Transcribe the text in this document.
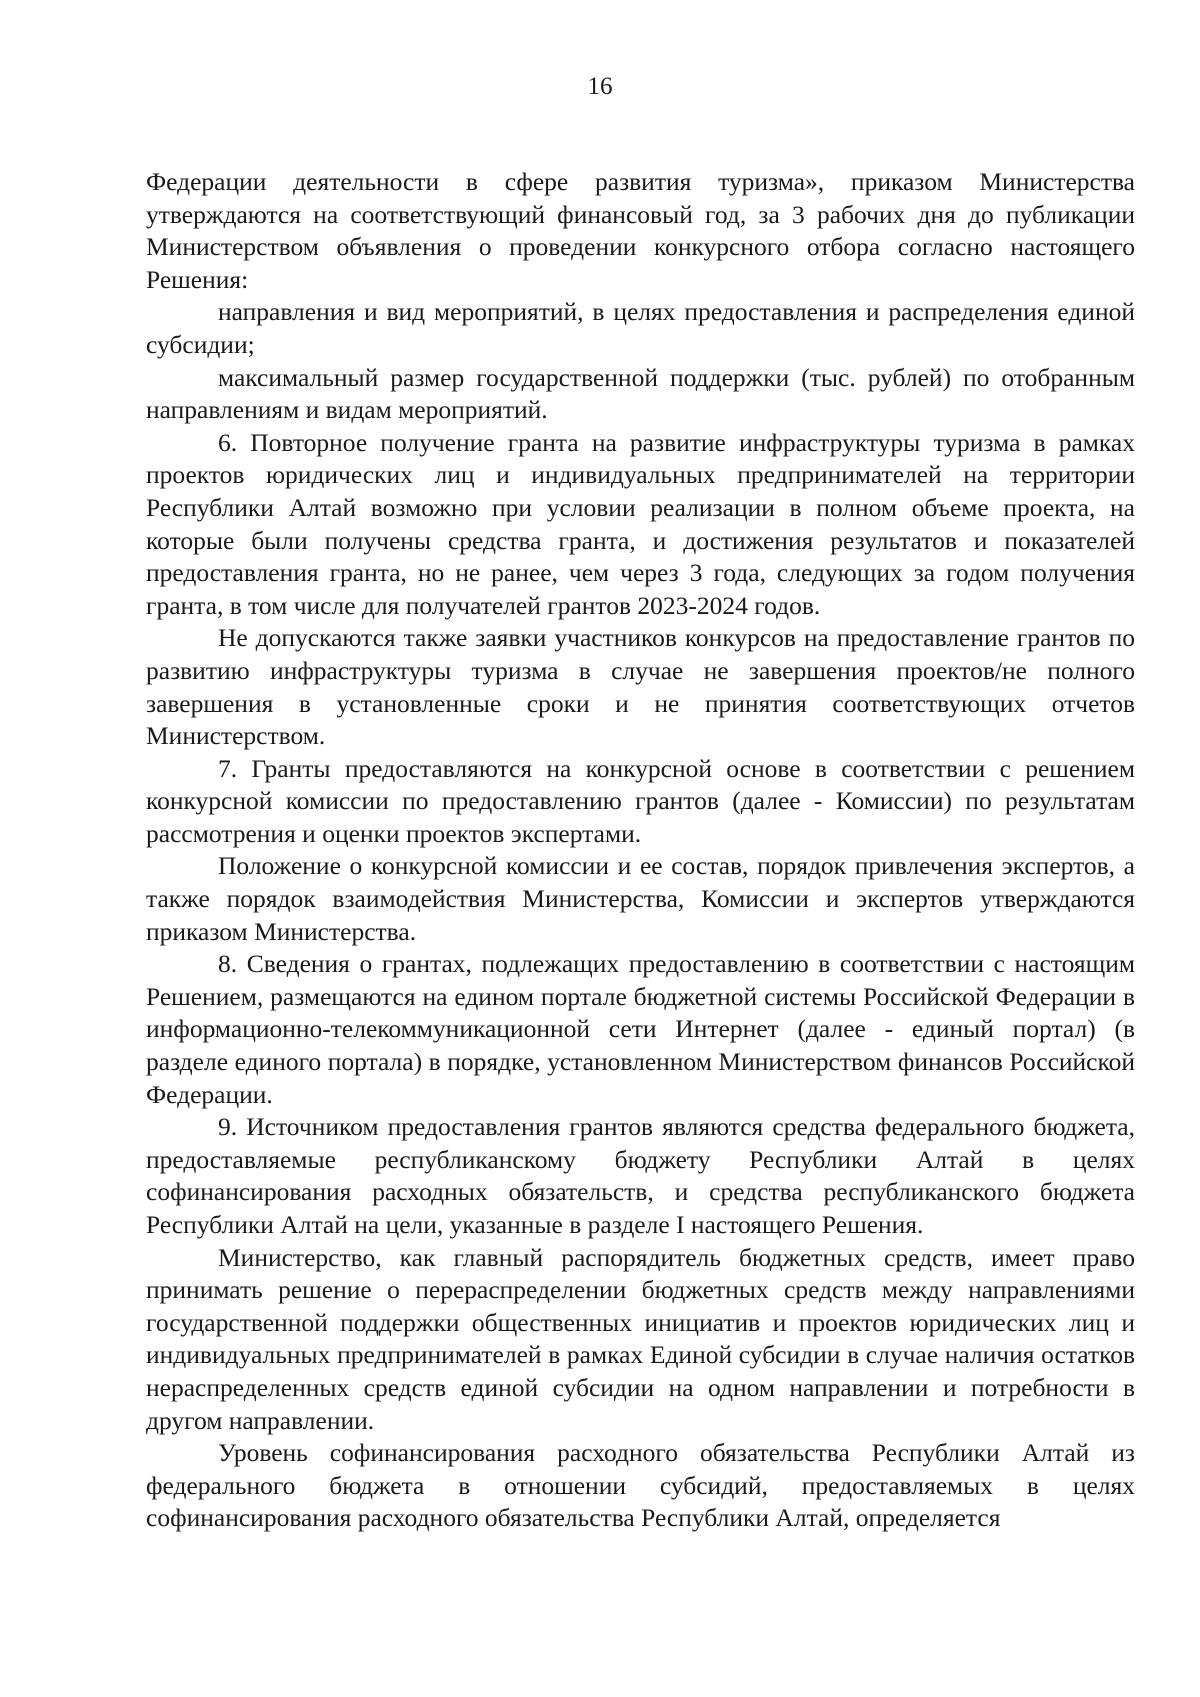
16

Федерации деятельности в сфере развития туризма», приказом Министерства утверждаются на соответствующий финансовый год, за 3 рабочих дня до публикации Министерством объявления о проведении конкурсного отбора согласно настоящего Решения:

направления и вид мероприятий, в целях предоставления и распределения единой субсидии;

максимальный размер государственной поддержки (тыс. рублей) по отобранным направлениям и видам мероприятий.

6. Повторное получение гранта на развитие инфраструктуры туризма в рамках проектов юридических лиц и индивидуальных предпринимателей на территории Республики Алтай возможно при условии реализации в полном объеме проекта, на которые были получены средства гранта, и достижения результатов и показателей предоставления гранта, но не ранее, чем через 3 года, следующих за годом получения гранта, в том числе для получателей грантов 2023-2024 годов.

Не допускаются также заявки участников конкурсов на предоставление грантов по развитию инфраструктуры туризма в случае не завершения проектов/не полного завершения в установленные сроки и не принятия соответствующих отчетов Министерством.

7. Гранты предоставляются на конкурсной основе в соответствии с решением конкурсной комиссии по предоставлению грантов (далее - Комиссии) по результатам рассмотрения и оценки проектов экспертами.

Положение о конкурсной комиссии и ее состав, порядок привлечения экспертов, а также порядок взаимодействия Министерства, Комиссии и экспертов утверждаются приказом Министерства.

8. Сведения о грантах, подлежащих предоставлению в соответствии с настоящим Решением, размещаются на едином портале бюджетной системы Российской Федерации в информационно-телекоммуникационной сети Интернет (далее - единый портал) (в разделе единого портала) в порядке, установленном Министерством финансов Российской Федерации.

9. Источником предоставления грантов являются средства федерального бюджета, предоставляемые республиканскому бюджету Республики Алтай в целях софинансирования расходных обязательств, и средства республиканского бюджета Республики Алтай на цели, указанные в разделе I настоящего Решения.

Министерство, как главный распорядитель бюджетных средств, имеет право принимать решение о перераспределении бюджетных средств между направлениями государственной поддержки общественных инициатив и проектов юридических лиц и индивидуальных предпринимателей в рамках Единой субсидии в случае наличия остатков нераспределенных средств единой субсидии на одном направлении и потребности в другом направлении.

Уровень софинансирования расходного обязательства Республики Алтай из федерального бюджета в отношении субсидий, предоставляемых в целях софинансирования расходного обязательства Республики Алтай, определяется
